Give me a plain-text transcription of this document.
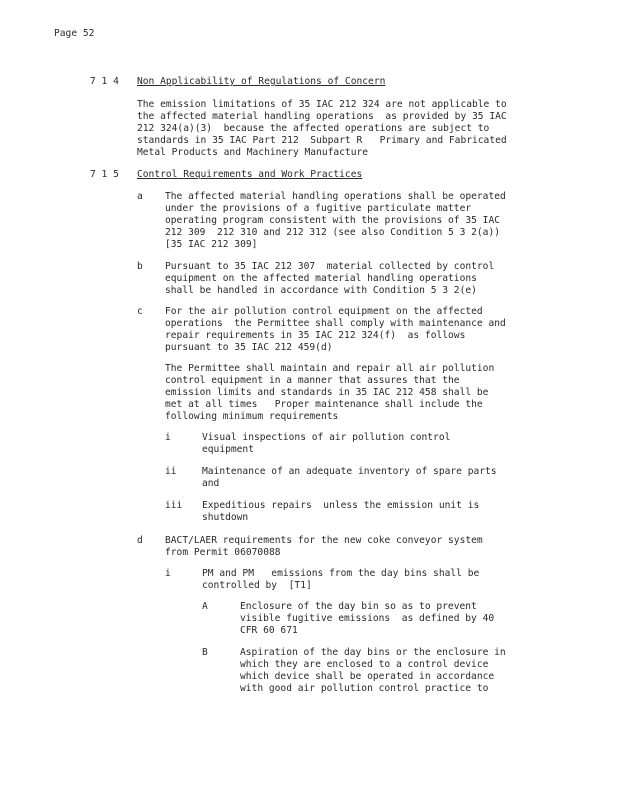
Page 52
7 1 4 Non Applicability of Regulations of Concern
The emission limitations of 35 IAC 212 324 are not applicable to
the affected material handling operations  as provided by 35 IAC
212 324(a)(3)  because the affected operations are subject to
standards in 35 IAC Part 212  Subpart R   Primary and Fabricated
Metal Products and Machinery Manufacture
7 1 5 Control Requirements and Work Practices
a The affected material handling operations shall be operated
under the provisions of a fugitive particulate matter
operating program consistent with the provisions of 35 IAC
212 309  212 310 and 212 312 (see also Condition 5 3 2(a))
[35 IAC 212 309]
b Pursuant to 35 IAC 212 307  material collected by control
equipment on the affected material handling operations
shall be handled in accordance with Condition 5 3 2(e)
c For the air pollution control equipment on the affected
operations  the Permittee shall comply with maintenance and
repair requirements in 35 IAC 212 324(f)  as follows
pursuant to 35 IAC 212 459(d)
The Permittee shall maintain and repair all air pollution
control equipment in a manner that assures that the
emission limits and standards in 35 IAC 212 458 shall be
met at all times   Proper maintenance shall include the
following minimum requirements
i	Visual inspections of air pollution control
equipment
ii	Maintenance of an adequate inventory of spare parts
and
iii Expeditious repairs  unless the emission unit is
shutdown
d BACT/LAER requirements for the new coke conveyor system
from Permit 06070088
i	PM and PM   emissions from the day bins shall be
controlled by  [T1]
A	Enclosure of the day bin so as to prevent
visible fugitive emissions  as defined by 40
CFR 60 671
B	Aspiration of the day bins or the enclosure in
which they are enclosed to a control device
which device shall be operated in accordance
with good air pollution control practice to
